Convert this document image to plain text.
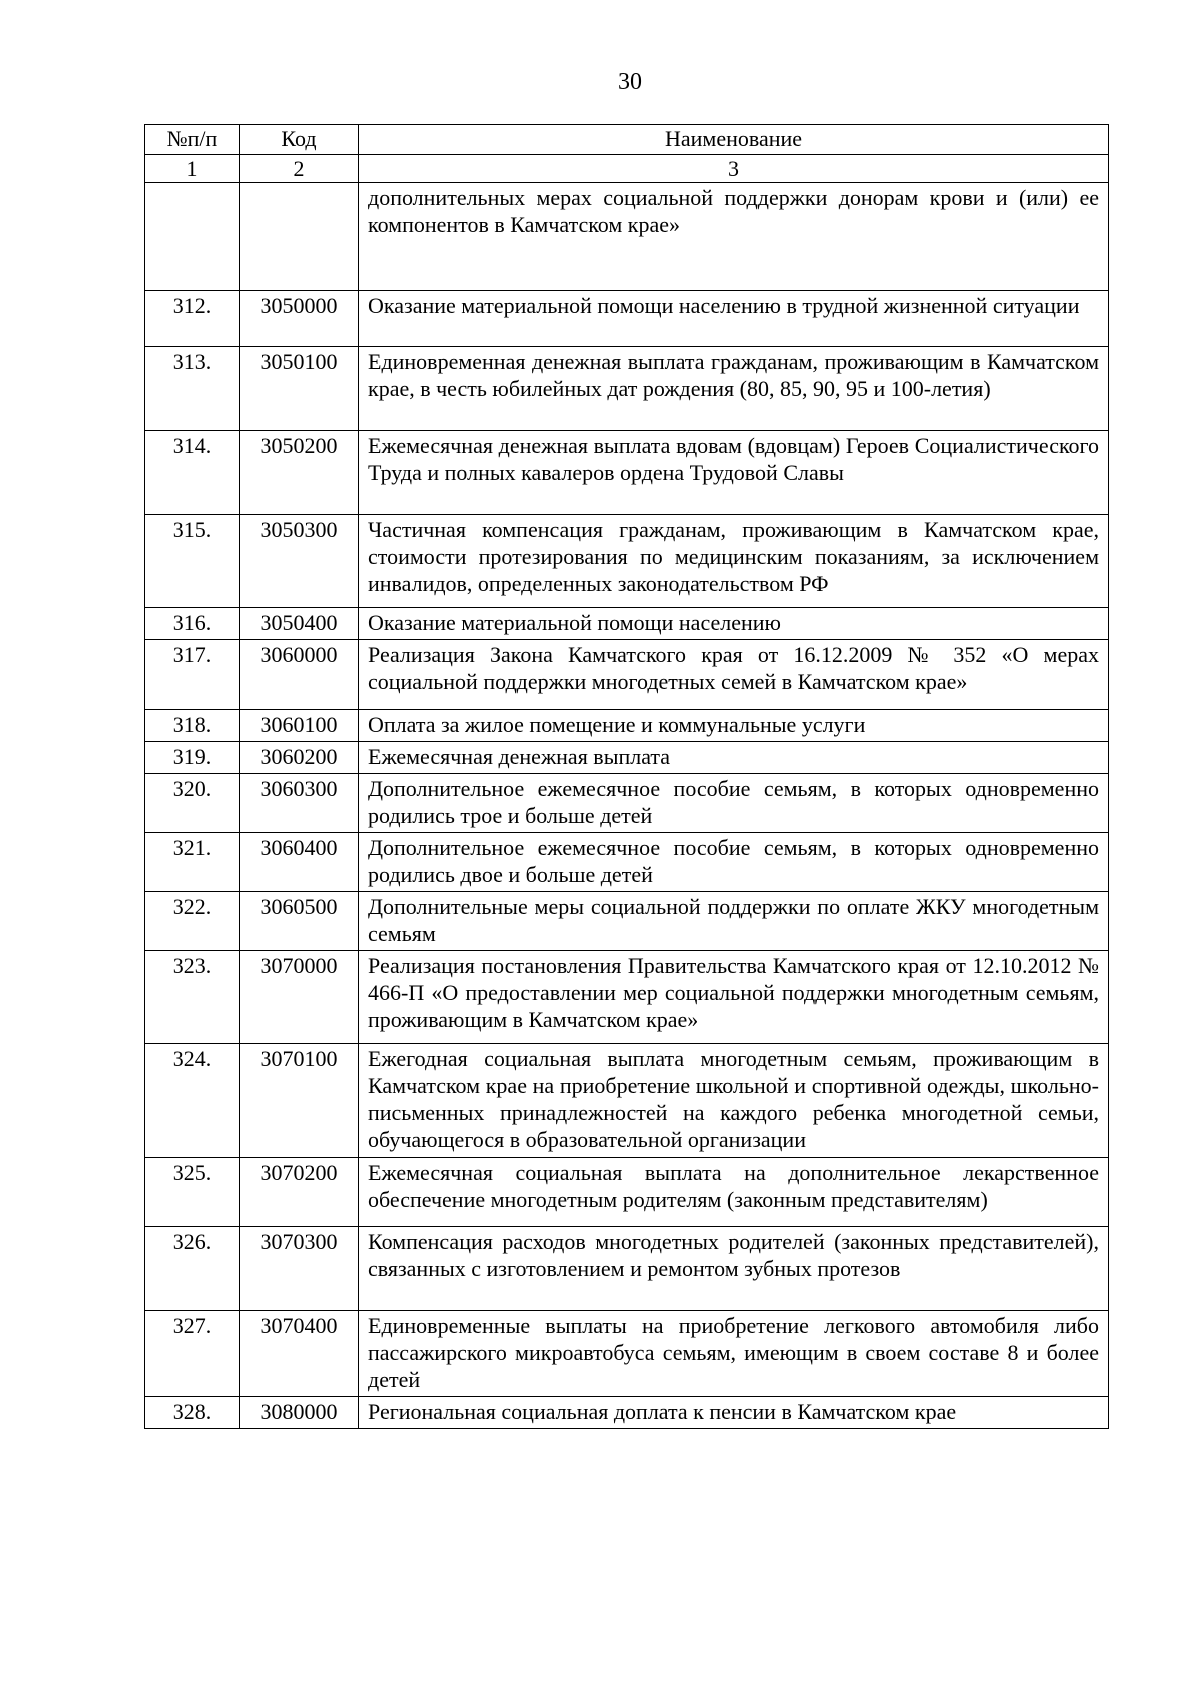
30
№п/п	Код	Наименование
1	2	3
		дополнительных мерах социальной поддержки донорам крови и (или) ее компонентов в Камчатском крае»
312.	3050000	Оказание материальной помощи населению в трудной жизненной ситуации
313.	3050100	Единовременная денежная выплата гражданам, проживающим в Камчатском крае, в честь юбилейных дат рождения (80, 85, 90, 95 и 100-летия)
314.	3050200	Ежемесячная денежная выплата вдовам (вдовцам) Героев Социалистического Труда и полных кавалеров ордена Трудовой Славы
315.	3050300	Частичная компенсация гражданам, проживающим в Камчатском крае, стоимости протезирования по медицинским показаниям, за исключением инвалидов, определенных законодательством РФ
316.	3050400	Оказание материальной помощи населению
317.	3060000	Реализация Закона Камчатского края от 16.12.2009 № 352 «О мерах социальной поддержки многодетных семей в Камчатском крае»
318.	3060100	Оплата за жилое помещение и коммунальные услуги
319.	3060200	Ежемесячная денежная выплата
320.	3060300	Дополнительное ежемесячное пособие семьям, в которых одновременно родились трое и больше детей
321.	3060400	Дополнительное ежемесячное пособие семьям, в которых одновременно родились двое и больше детей
322.	3060500	Дополнительные меры социальной поддержки по оплате ЖКУ многодетным семьям
323.	3070000	Реализация постановления Правительства Камчатского края от 12.10.2012 № 466-П «О предоставлении мер социальной поддержки многодетным семьям, проживающим в Камчатском крае»
324.	3070100	Ежегодная социальная выплата многодетным семьям, проживающим в Камчатском крае на приобретение школьной и спортивной одежды, школьно- письменных принадлежностей на каждого ребенка многодетной семьи, обучающегося в образовательной организации
325.	3070200	Ежемесячная социальная выплата на дополнительное лекарственное обеспечение многодетным родителям (законным представителям)
326.	3070300	Компенсация расходов многодетных родителей (законных представителей), связанных с изготовлением и ремонтом зубных протезов
327.	3070400	Единовременные выплаты на приобретение легкового автомобиля либо пассажирского микроавтобуса семьям, имеющим в своем составе 8 и более детей
328.	3080000	Региональная социальная доплата к пенсии в Камчатском крае
